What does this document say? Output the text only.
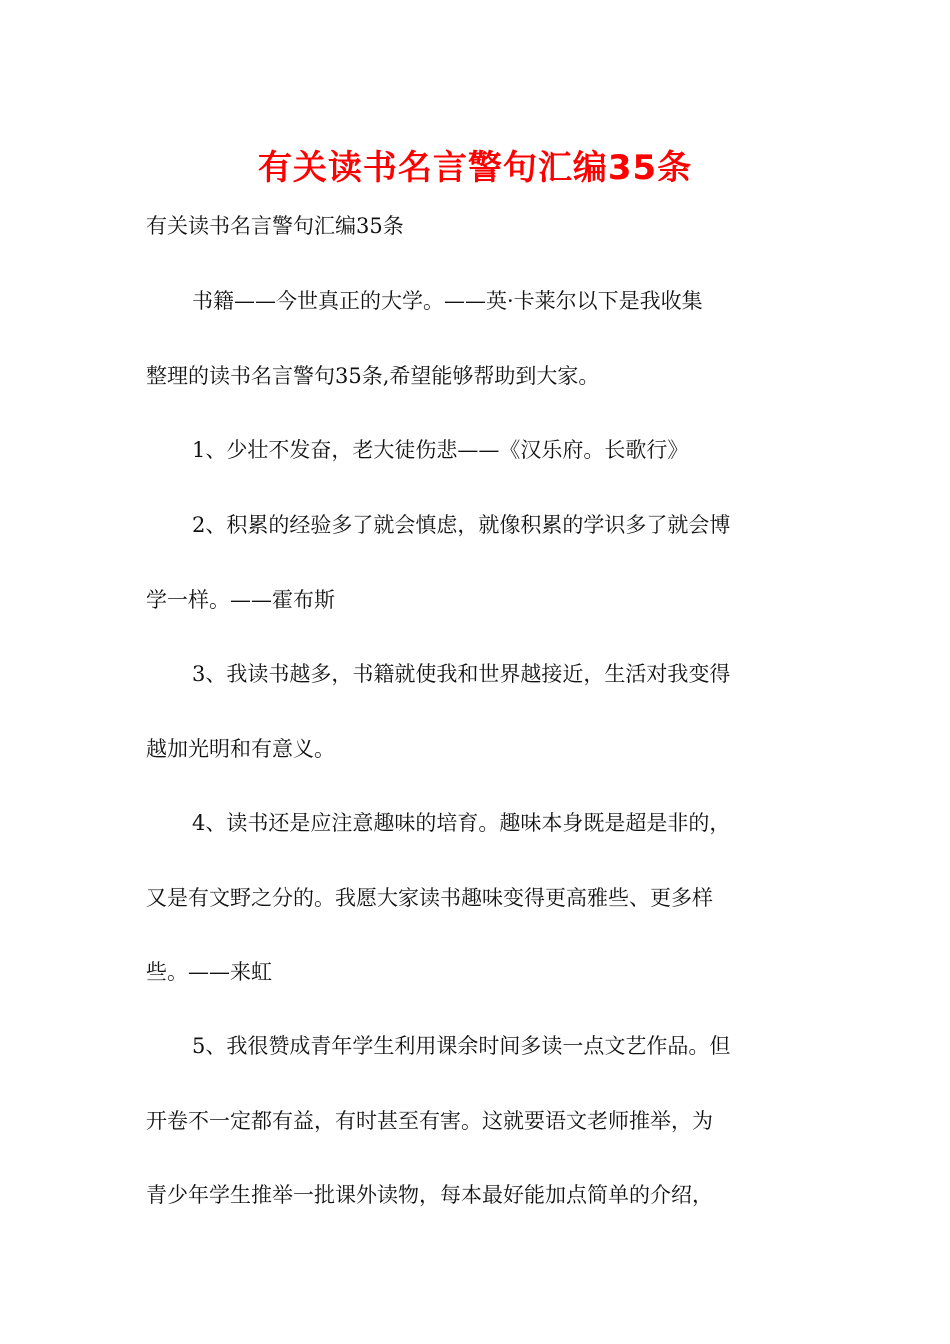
有关读书名言警句汇编35条
有关读书名言警句汇编35条
书籍——今世真正的大学。——英·卡莱尔以下是我收集
整理的读书名言警句35条,希望能够帮助到大家。
1、少壮不发奋，老大徒伤悲——《汉乐府。长歌行》
2、积累的经验多了就会慎虑，就像积累的学识多了就会博
学一样。——霍布斯
3、我读书越多，书籍就使我和世界越接近，生活对我变得
越加光明和有意义。
4、读书还是应注意趣味的培育。趣味本身既是超是非的，
又是有文野之分的。我愿大家读书趣味变得更高雅些、更多样
些。——来虹
5、我很赞成青年学生利用课余时间多读一点文艺作品。但
开卷不一定都有益，有时甚至有害。这就要语文老师推举，为
青少年学生推举一批课外读物，每本最好能加点简单的介绍，
